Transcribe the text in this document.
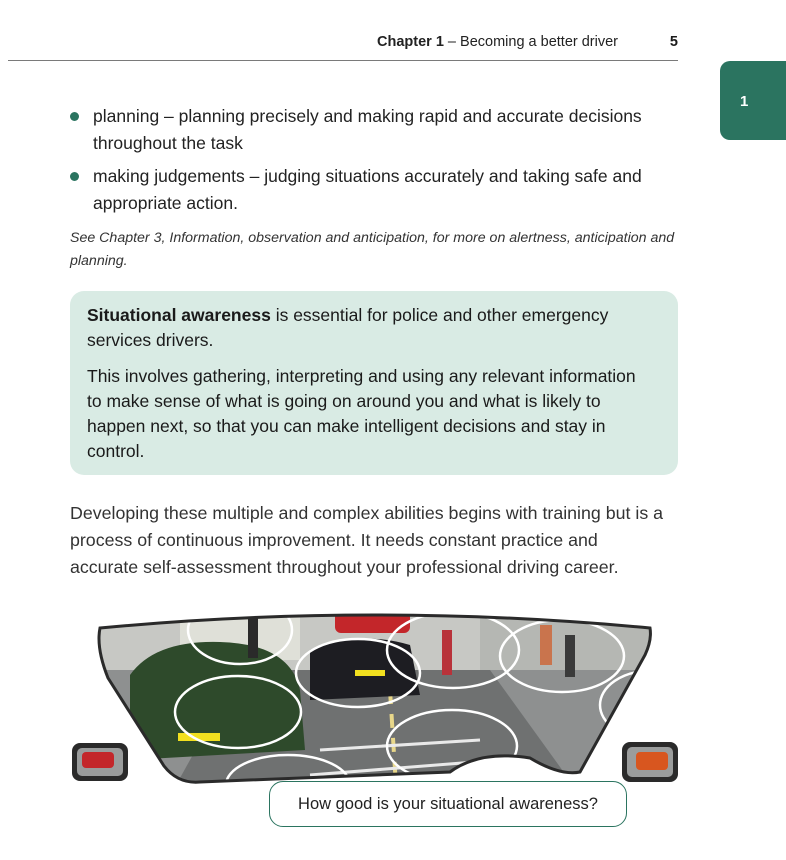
Chapter 1 – Becoming a better driver	5
1
planning – planning precisely and making rapid and accurate decisions throughout the task
making judgements – judging situations accurately and taking safe and appropriate action.
See Chapter 3, Information, observation and anticipation, for more on alertness, anticipation and planning.

Situational awareness is essential for police and other emergency services drivers.

This involves gathering, interpreting and using any relevant information to make sense of what is going on around you and what is likely to happen next, so that you can make intelligent decisions and stay in control.

Developing these multiple and complex abilities begins with training but is a process of continuous improvement. It needs constant practice and accurate self-assessment throughout your professional driving career.
How good is your situational awareness?
